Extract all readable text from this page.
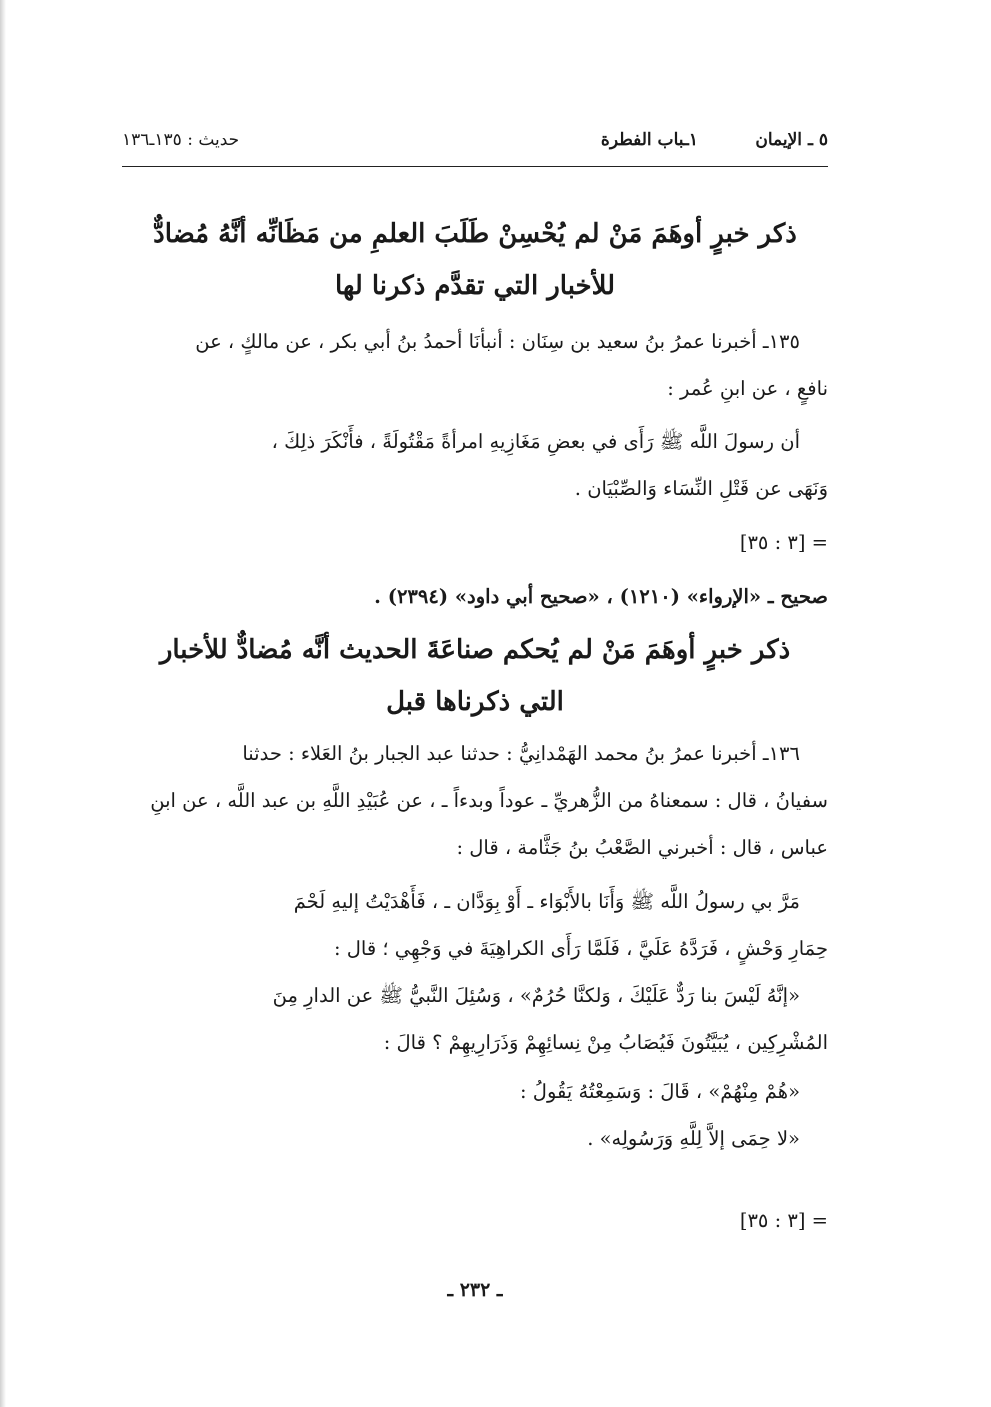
٥ ـ الإيمان
١ـباب الفطرة
حديث : ١٣٥ـ١٣٦
ذكر خبرٍ أوهَمَ مَنْ لم يُحْسِنْ طَلَبَ العلمِ من مَظَانِّه أنَّهُ مُضادٌّ
للأخبار التي تقدَّم ذكرنا لها
١٣٥ـ أخبرنا عمرُ بنُ سعيد بن سِنَان : أنبأنَا أحمدُ بنُ أبي بكر ، عن مالكٍ ، عن
نافعٍ ، عن ابنِ عُمر :
أن رسولَ اللَّه ﷺ رَأَى في بعضِ مَغَازِيهِ امرأةً مَقْتُولَةً ، فأَنْكَرَ ذلِكَ ،
وَنَهَى عن قَتْلِ النِّسَاء وَالصِّبْيَان .
= [٣ : ٣٥]
صحيح ـ «الإرواء» (١٢١٠) ، «صحيح أبي داود» (٢٣٩٤) .
ذكر خبرٍ أوهَمَ مَنْ لم يُحكم صناعَةَ الحديث أنَّه مُضادٌّ للأخبار
التي ذكرناها قبل
١٣٦ـ أخبرنا عمرُ بنُ محمد الهَمْدانِيُّ : حدثنا عبد الجبار بنُ العَلاء : حدثنا
سفيانُ ، قال : سمعناهُ من الزُّهريِّ ـ عوداً وبدءاً ـ ، عن عُبَيْدِ اللَّهِ بن عبد اللَّه ، عن ابنِ
عباس ، قال : أخبرني الصَّعْبُ بنُ جَثَّامة ، قال :
مَرَّ بي رسولُ اللَّه ﷺ وَأَنَا بالأَبْوَاء ـ أَوْ بِوَدَّان ـ ، فَأَهْدَيْتُ إليهِ لَحْمَ
حِمَارِ وَحْشٍ ، فَرَدَّهُ عَلَيَّ ، فَلَمَّا رَأَى الكراهِيَةَ في وَجْهِي ؛ قال :
«إنَّهُ لَيْسَ بنا رَدٌّ عَلَيْكَ ، وَلكنَّا حُرُمٌ» ، وَسُئِلَ النَّبيُّ ﷺ عن الدارِ مِنَ
المُشْرِكِين ، يُبَيَّتُونَ فَيُصَابُ مِنْ نِسائِهِمْ وَذَرَارِيهِمْ ؟ قالَ :
«هُمْ مِنْهُمْ» ، قَالَ : وَسَمِعْتُهُ يَقُولُ :
«لا حِمَى إلاَّ لِلَّهِ وَرَسُولِه» .
= [٣ : ٣٥]
ـ ٢٣٢ ـ
